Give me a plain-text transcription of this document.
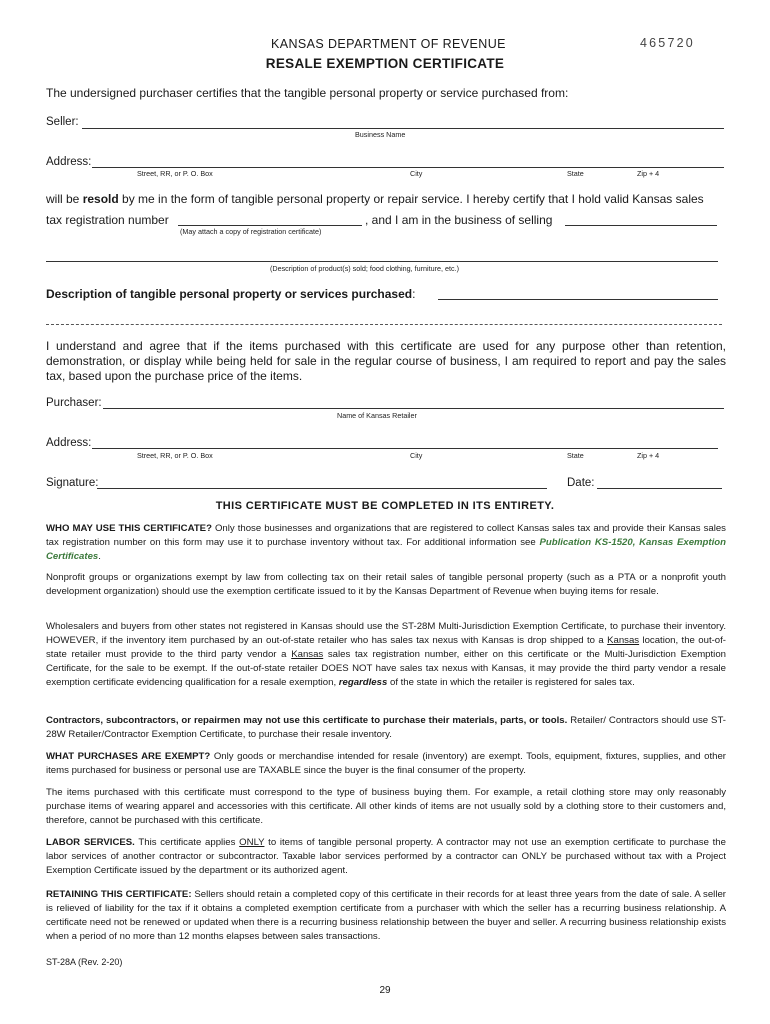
KANSAS DEPARTMENT OF REVENUE	465720
RESALE EXEMPTION CERTIFICATE
The undersigned purchaser certifies that the tangible personal property or service purchased from:
Seller:
Business Name
Address:
Street, RR, or P. O. Box	City	State	Zip + 4
will be resold by me in the form of tangible personal property or repair service. I hereby certify that I hold valid Kansas sales
tax registration number	, and I am in the business of selling
(May attach a copy of registration certificate)
(Description of product(s) sold; food clothing, furniture, etc.)
Description of tangible personal property or services purchased:
I understand and agree that if the items purchased with this certificate are used for any purpose other than retention, demonstration, or display while being held for sale in the regular course of business, I am required to report and pay the sales tax, based upon the purchase price of the items.
Purchaser:
Name of Kansas Retailer
Address:
Street, RR, or P. O. Box	City	State	Zip + 4
Signature:	Date:
THIS CERTIFICATE MUST BE COMPLETED IN ITS ENTIRETY.
WHO MAY USE THIS CERTIFICATE? Only those businesses and organizations that are registered to collect Kansas sales tax and provide their Kansas sales tax registration number on this form may use it to purchase inventory without tax. For additional information see Publication KS-1520, Kansas Exemption Certificates.
Nonprofit groups or organizations exempt by law from collecting tax on their retail sales of tangible personal property (such as a PTA or a nonprofit youth development organization) should use the exemption certificate issued to it by the Kansas Department of Revenue when buying items for resale.
Wholesalers and buyers from other states not registered in Kansas should use the ST-28M Multi-Jurisdiction Exemption Certificate, to purchase their inventory. HOWEVER, if the inventory item purchased by an out-of-state retailer who has sales tax nexus with Kansas is drop shipped to a Kansas location, the out-of-state retailer must provide to the third party vendor a Kansas sales tax registration number, either on this certificate or the Multi-Jurisdiction Exemption Certificate, for the sale to be exempt. If the out-of-state retailer DOES NOT have sales tax nexus with Kansas, it may provide the third party vendor a resale exemption certificate evidencing qualification for a resale exemption, regardless of the state in which the retailer is registered for sales tax.
Contractors, subcontractors, or repairmen may not use this certificate to purchase their materials, parts, or tools. Retailer/ Contractors should use ST-28W Retailer/Contractor Exemption Certificate, to purchase their resale inventory.
WHAT PURCHASES ARE EXEMPT? Only goods or merchandise intended for resale (inventory) are exempt. Tools, equipment, fixtures, supplies, and other items purchased for business or personal use are TAXABLE since the buyer is the final consumer of the property.
The items purchased with this certificate must correspond to the type of business buying them. For example, a retail clothing store may only reasonably purchase items of wearing apparel and accessories with this certificate. All other kinds of items are not usually sold by a clothing store to their customers and, therefore, cannot be purchased with this certificate.
LABOR SERVICES. This certificate applies ONLY to items of tangible personal property. A contractor may not use an exemption certificate to purchase the labor services of another contractor or subcontractor. Taxable labor services performed by a contractor can ONLY be purchased without tax with a Project Exemption Certificate issued by the department or its authorized agent.
RETAINING THIS CERTIFICATE: Sellers should retain a completed copy of this certificate in their records for at least three years from the date of sale. A seller is relieved of liability for the tax if it obtains a completed exemption certificate from a purchaser with which the seller has a recurring business relationship. A certificate need not be renewed or updated when there is a recurring business relationship between the buyer and seller. A recurring business relationship exists when a period of no more than 12 months elapses between sales transactions.
ST-28A (Rev. 2-20)
29
